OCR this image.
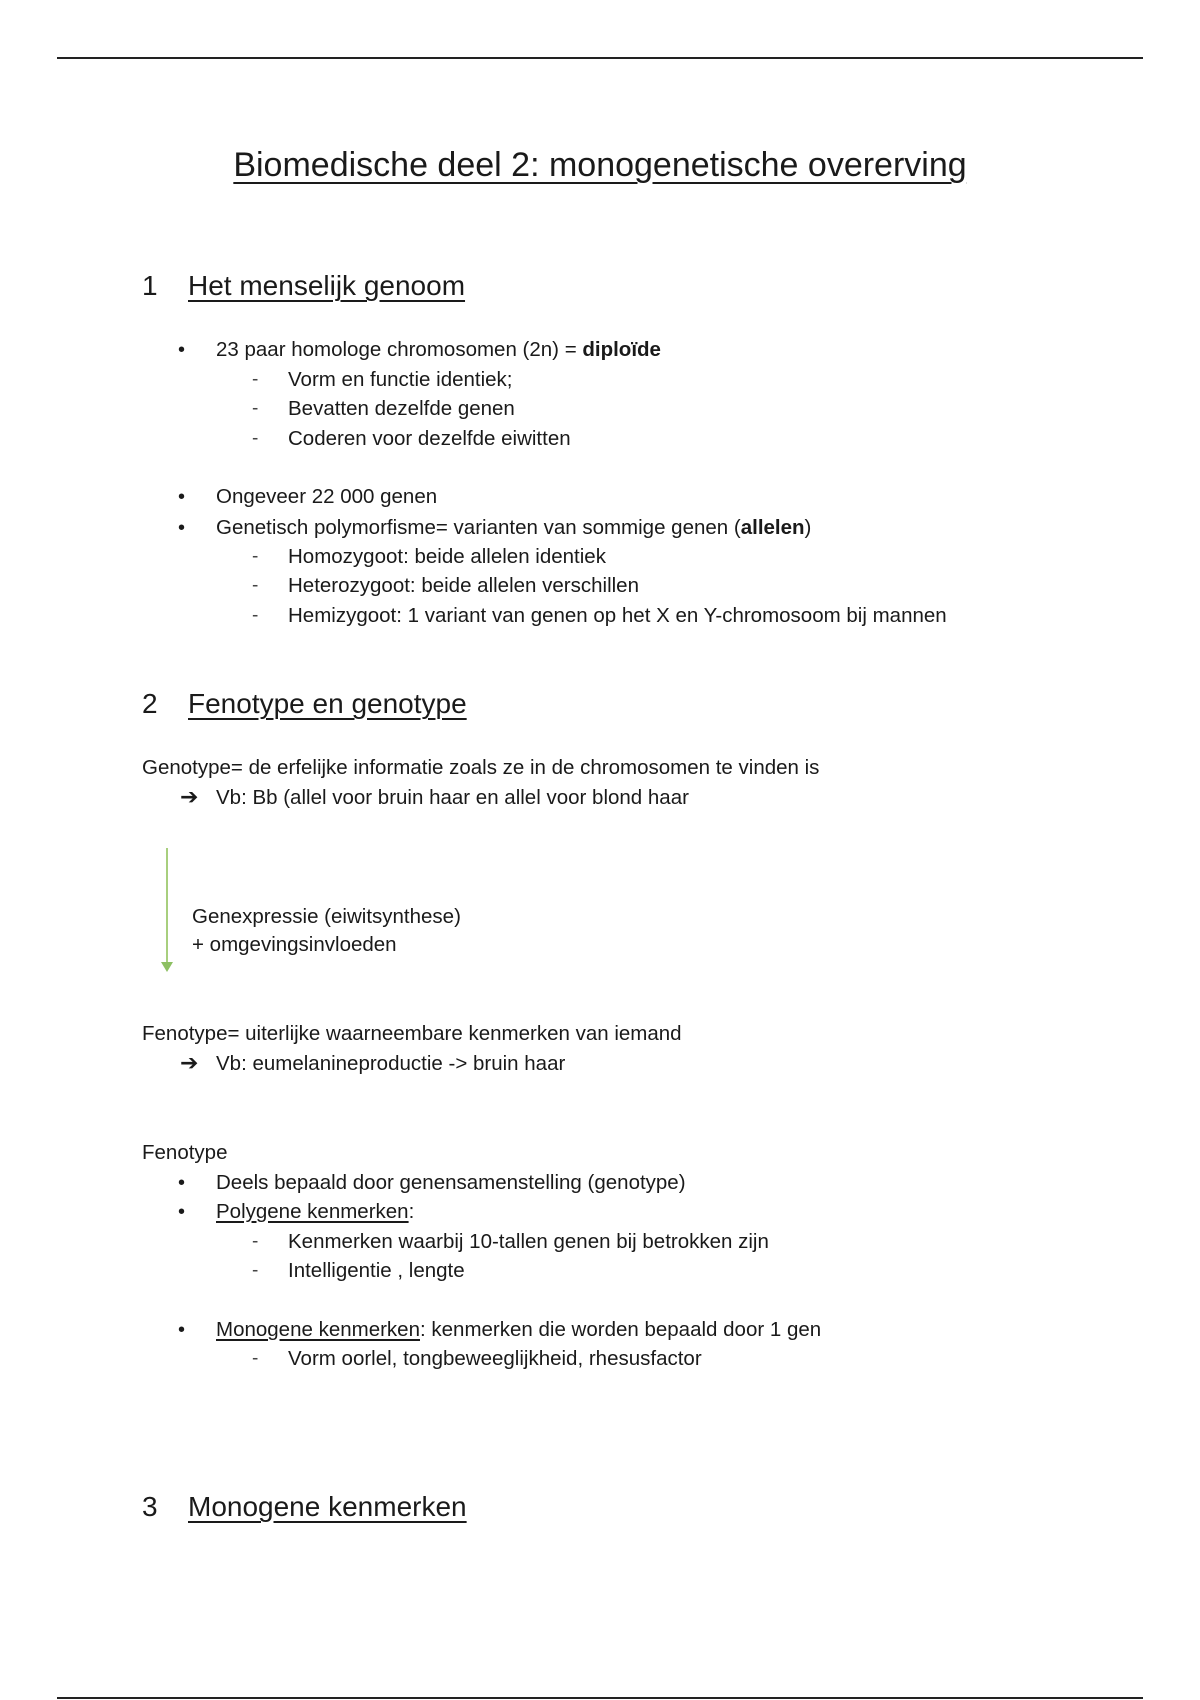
Biomedische deel 2: monogenetische overerving
1 Het menselijk genoom
• 23 paar homologe chromosomen (2n) = diploïde
- Vorm en functie identiek;
- Bevatten dezelfde genen
- Coderen voor dezelfde eiwitten
• Ongeveer 22 000 genen
• Genetisch polymorfisme= varianten van sommige genen (allelen)
- Homozygoot: beide allelen identiek
- Heterozygoot: beide allelen verschillen
- Hemizygoot: 1 variant van genen op het X en Y-chromosoom bij mannen
2 Fenotype en genotype
Genotype= de erfelijke informatie zoals ze in de chromosomen te vinden is
➔ Vb: Bb (allel voor bruin haar en allel voor blond haar
Genexpressie (eiwitsynthese)
+ omgevingsinvloeden
Fenotype= uiterlijke waarneembare kenmerken van iemand
➔ Vb: eumelanineproductie -> bruin haar
Fenotype
• Deels bepaald door genensamenstelling (genotype)
• Polygene kenmerken:
- Kenmerken waarbij 10-tallen genen bij betrokken zijn
- Intelligentie , lengte
• Monogene kenmerken: kenmerken die worden bepaald door 1 gen
- Vorm oorlel, tongbeweeglijkheid, rhesusfactor
3 Monogene kenmerken
